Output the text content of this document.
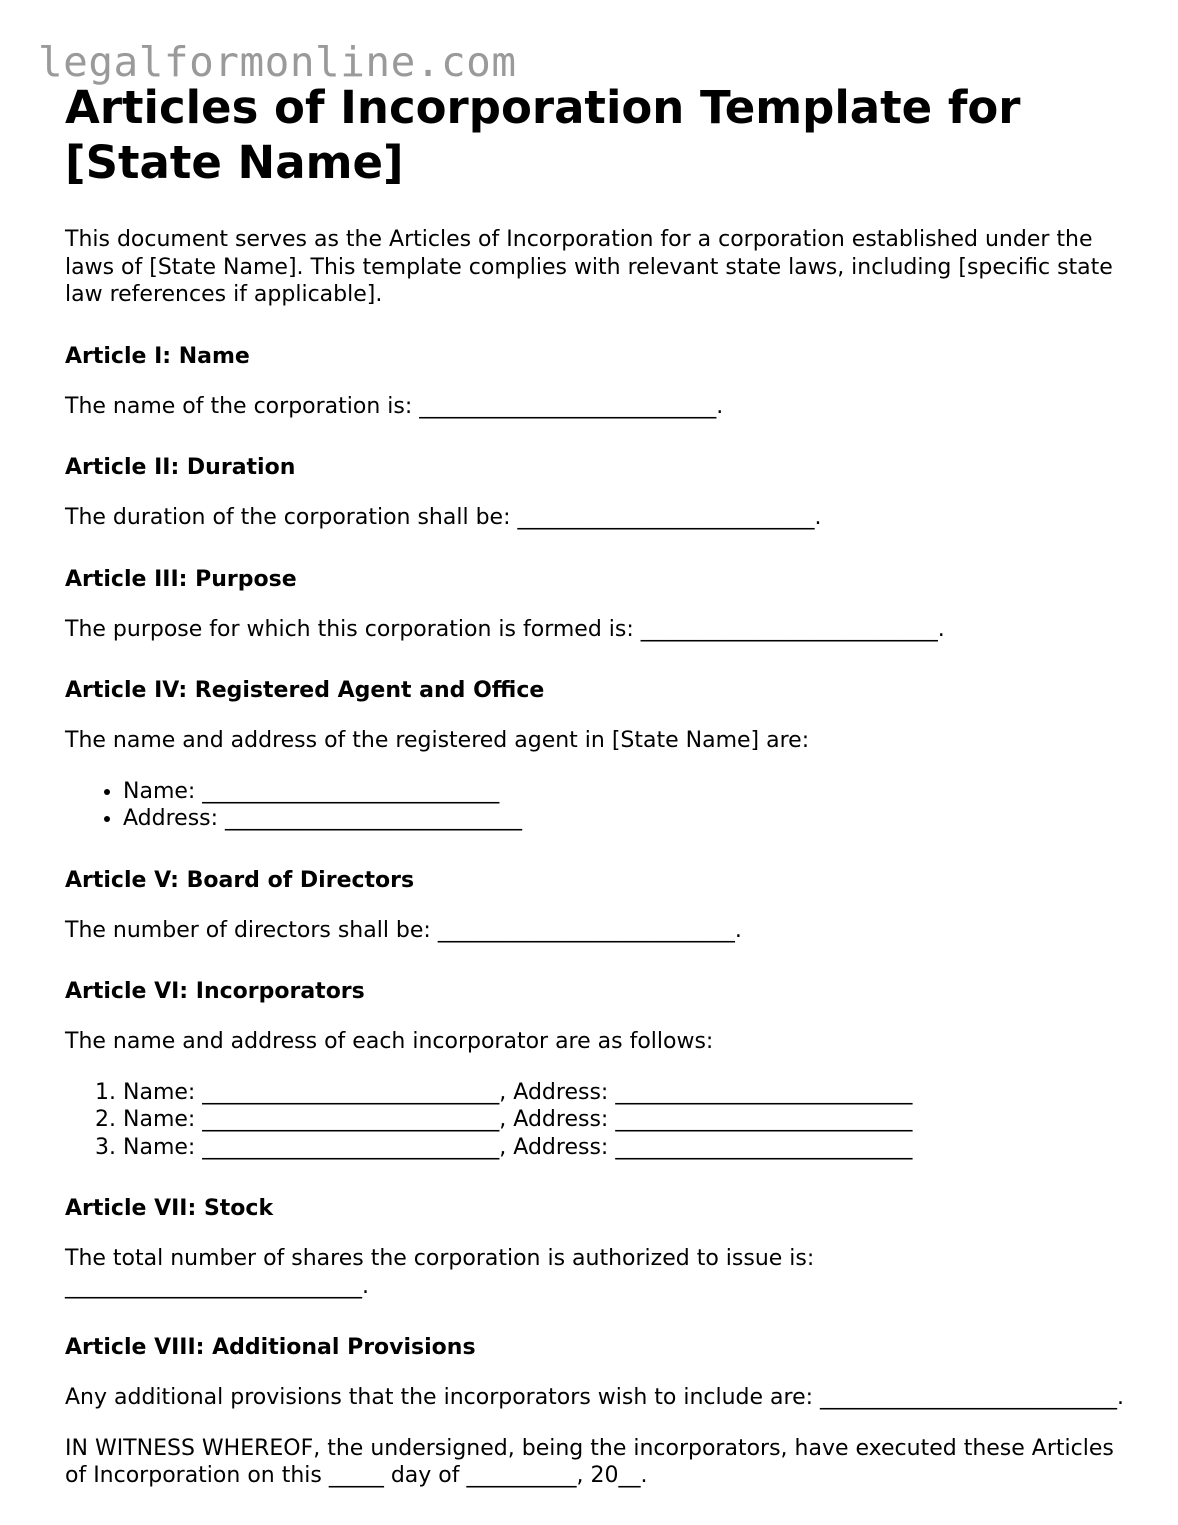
legalformonline.com
Articles of Incorporation Template for [State Name]

This document serves as the Articles of Incorporation for a corporation established under the laws of [State Name]. This template complies with relevant state laws, including [specific state law references if applicable].

Article I: Name

The name of the corporation is: ___________________________.

Article II: Duration

The duration of the corporation shall be: ___________________________.

Article III: Purpose

The purpose for which this corporation is formed is: ___________________________.

Article IV: Registered Agent and Office

The name and address of the registered agent in [State Name] are:

• Name: ___________________________
• Address: ___________________________
Article V: Board of Directors

The number of directors shall be: ___________________________.

Article VI: Incorporators

The name and address of each incorporator are as follows:

1. Name: ___________________________, Address: ___________________________
2. Name: ___________________________, Address: ___________________________
3. Name: ___________________________, Address: ___________________________
Article VII: Stock

The total number of shares the corporation is authorized to issue is: ___________________________.

Article VIII: Additional Provisions

Any additional provisions that the incorporators wish to include are: ___________________________.

IN WITNESS WHEREOF, the undersigned, being the incorporators, have executed these Articles of Incorporation on this _____ day of __________, 20__.
